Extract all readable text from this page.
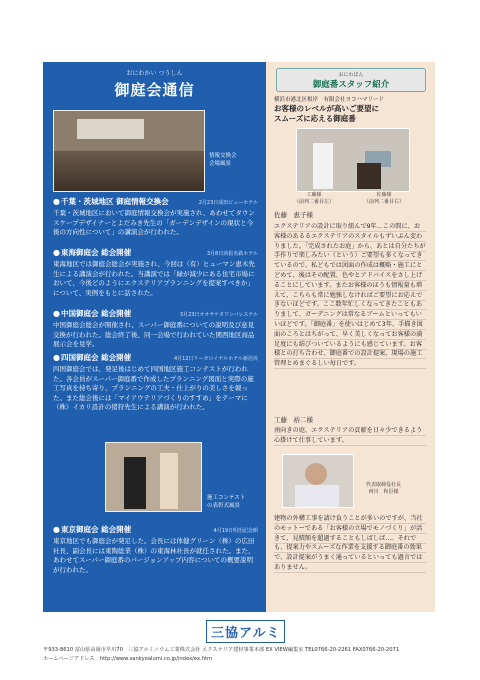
おにわかい つうしん
御庭会通信
情報交換会
会場風景
● 千葉・茨城地区 御庭情報交換会	2月23日成田ビューホテル
千葉・茨城地区において御庭情報交換会が実施され、あわせてタウンスケープデザイナーとよだみき先生の「ガーデンデザインの現状と今後の方向性について」の講演会が行われた。
● 東海御庭会 総会開催	3月8日浜松名鉄ホテル
東海地区では御庭会総会が実施され、今回は（有）ヒューマン恵木先生による講演会が行われた。当講演では「緑が減少にある住宅市場において、今後どのようにエクステリアプランニングを提案すべきか」について、実例をもとに話された。
● 中国御庭会 総会開催	3月23日オオサケタワンバレステル
中国御庭会総会が開催され、スーパー御庭番についての説明及び意見交換が行われた。総会終了後、同一会場で行われていた関西地区商品展示会を見学。
● 四国御庭会 総会開催	4月12日リーガロイヤルホテル新居浜
四国御庭会では、発足後はじめて四国地区施工コンテストが行われた。各会員がスーパー御庭番で作成したプランニング図面と実際の施工写真を持ち寄り、プランニングの工夫・仕上がりの美しさを競った。また総会後には「マイアウテリアづくりのすすめ」をテーマに（株）イカリ設計の猪狩先生による講演が行われた。
施工コンテスト
の表彰式風景
● 東京御庭会 総会開催	4月19日明治記念館
東京地区でも御庭会が発足した。会長には体健グリーン（株）の広田社長、副会長には東陶総業（株）の東海林社長が就任された。また、あわせてスーパー御庭番のバージョンアップ内容についての概要説明が行われた。
おにわばん
御庭番スタッフ紹介
横浜市港北区根岸　有限会社ヨコハマリード
お客様のレベルが高いご要望に
スムーズに応える御庭番
工藤様
（前列二番目左）
佐藤様
（前列二番目右）
佐藤　恵子様
エクステリアの設計に取り組んで9年…この間に、お客様のあるるエクステリアのスタイルもずいぶん変わりました。「完成されたお庭」から、あとは自分たちが手作りで楽しみたい（という）ご要望も多くなってきているので、私どもでは図面の作成は概略・施工にとどめて、後はその配置、色やとアドバイスをさし上げることにしています。またお客様のほうも情報量も増えて、こちらも常に勉強しなければご要望にお応えできないほどです。ここ数年忙しくなってきたこともありまして、ガーデニングは常なるブームといってもいいほどです。「御庭番」を使いはじめて3年、手描き図面のころとはちがって、早く美しくなってお客様の満足度にも結びついているようにも感じています。お客様との打ち合わせ、御庭番での設計提案、現場の施工管理とめまぐるしい毎日です。
工藤　裕二様
南向きの庭、エクステリアの貢献を日々少できるよう心掛けて仕事しています。
代表取締役社長
西川　和臣様
建物の外構工事を請け負うことが多いのですが、当社のモットーである「お客様の立場でモノづくり」が活きて、見積額を超過することもしばしば…。それでも、提案力やスムーズな作業を支援する御庭番の効果で、設計提案がうまく通っているといっても過言ではありません。
三協アルミ
〒933-8610 富山県高岡市早川70　三協アルミニウム工業株式会社 エクステリア建材事業本部 EX VIEW編集室 TEL0766-20-2261 FAX0766-20-2071
ホームページアドレス　http://www.sankyoalumi.co.jp/index/ex.htm
